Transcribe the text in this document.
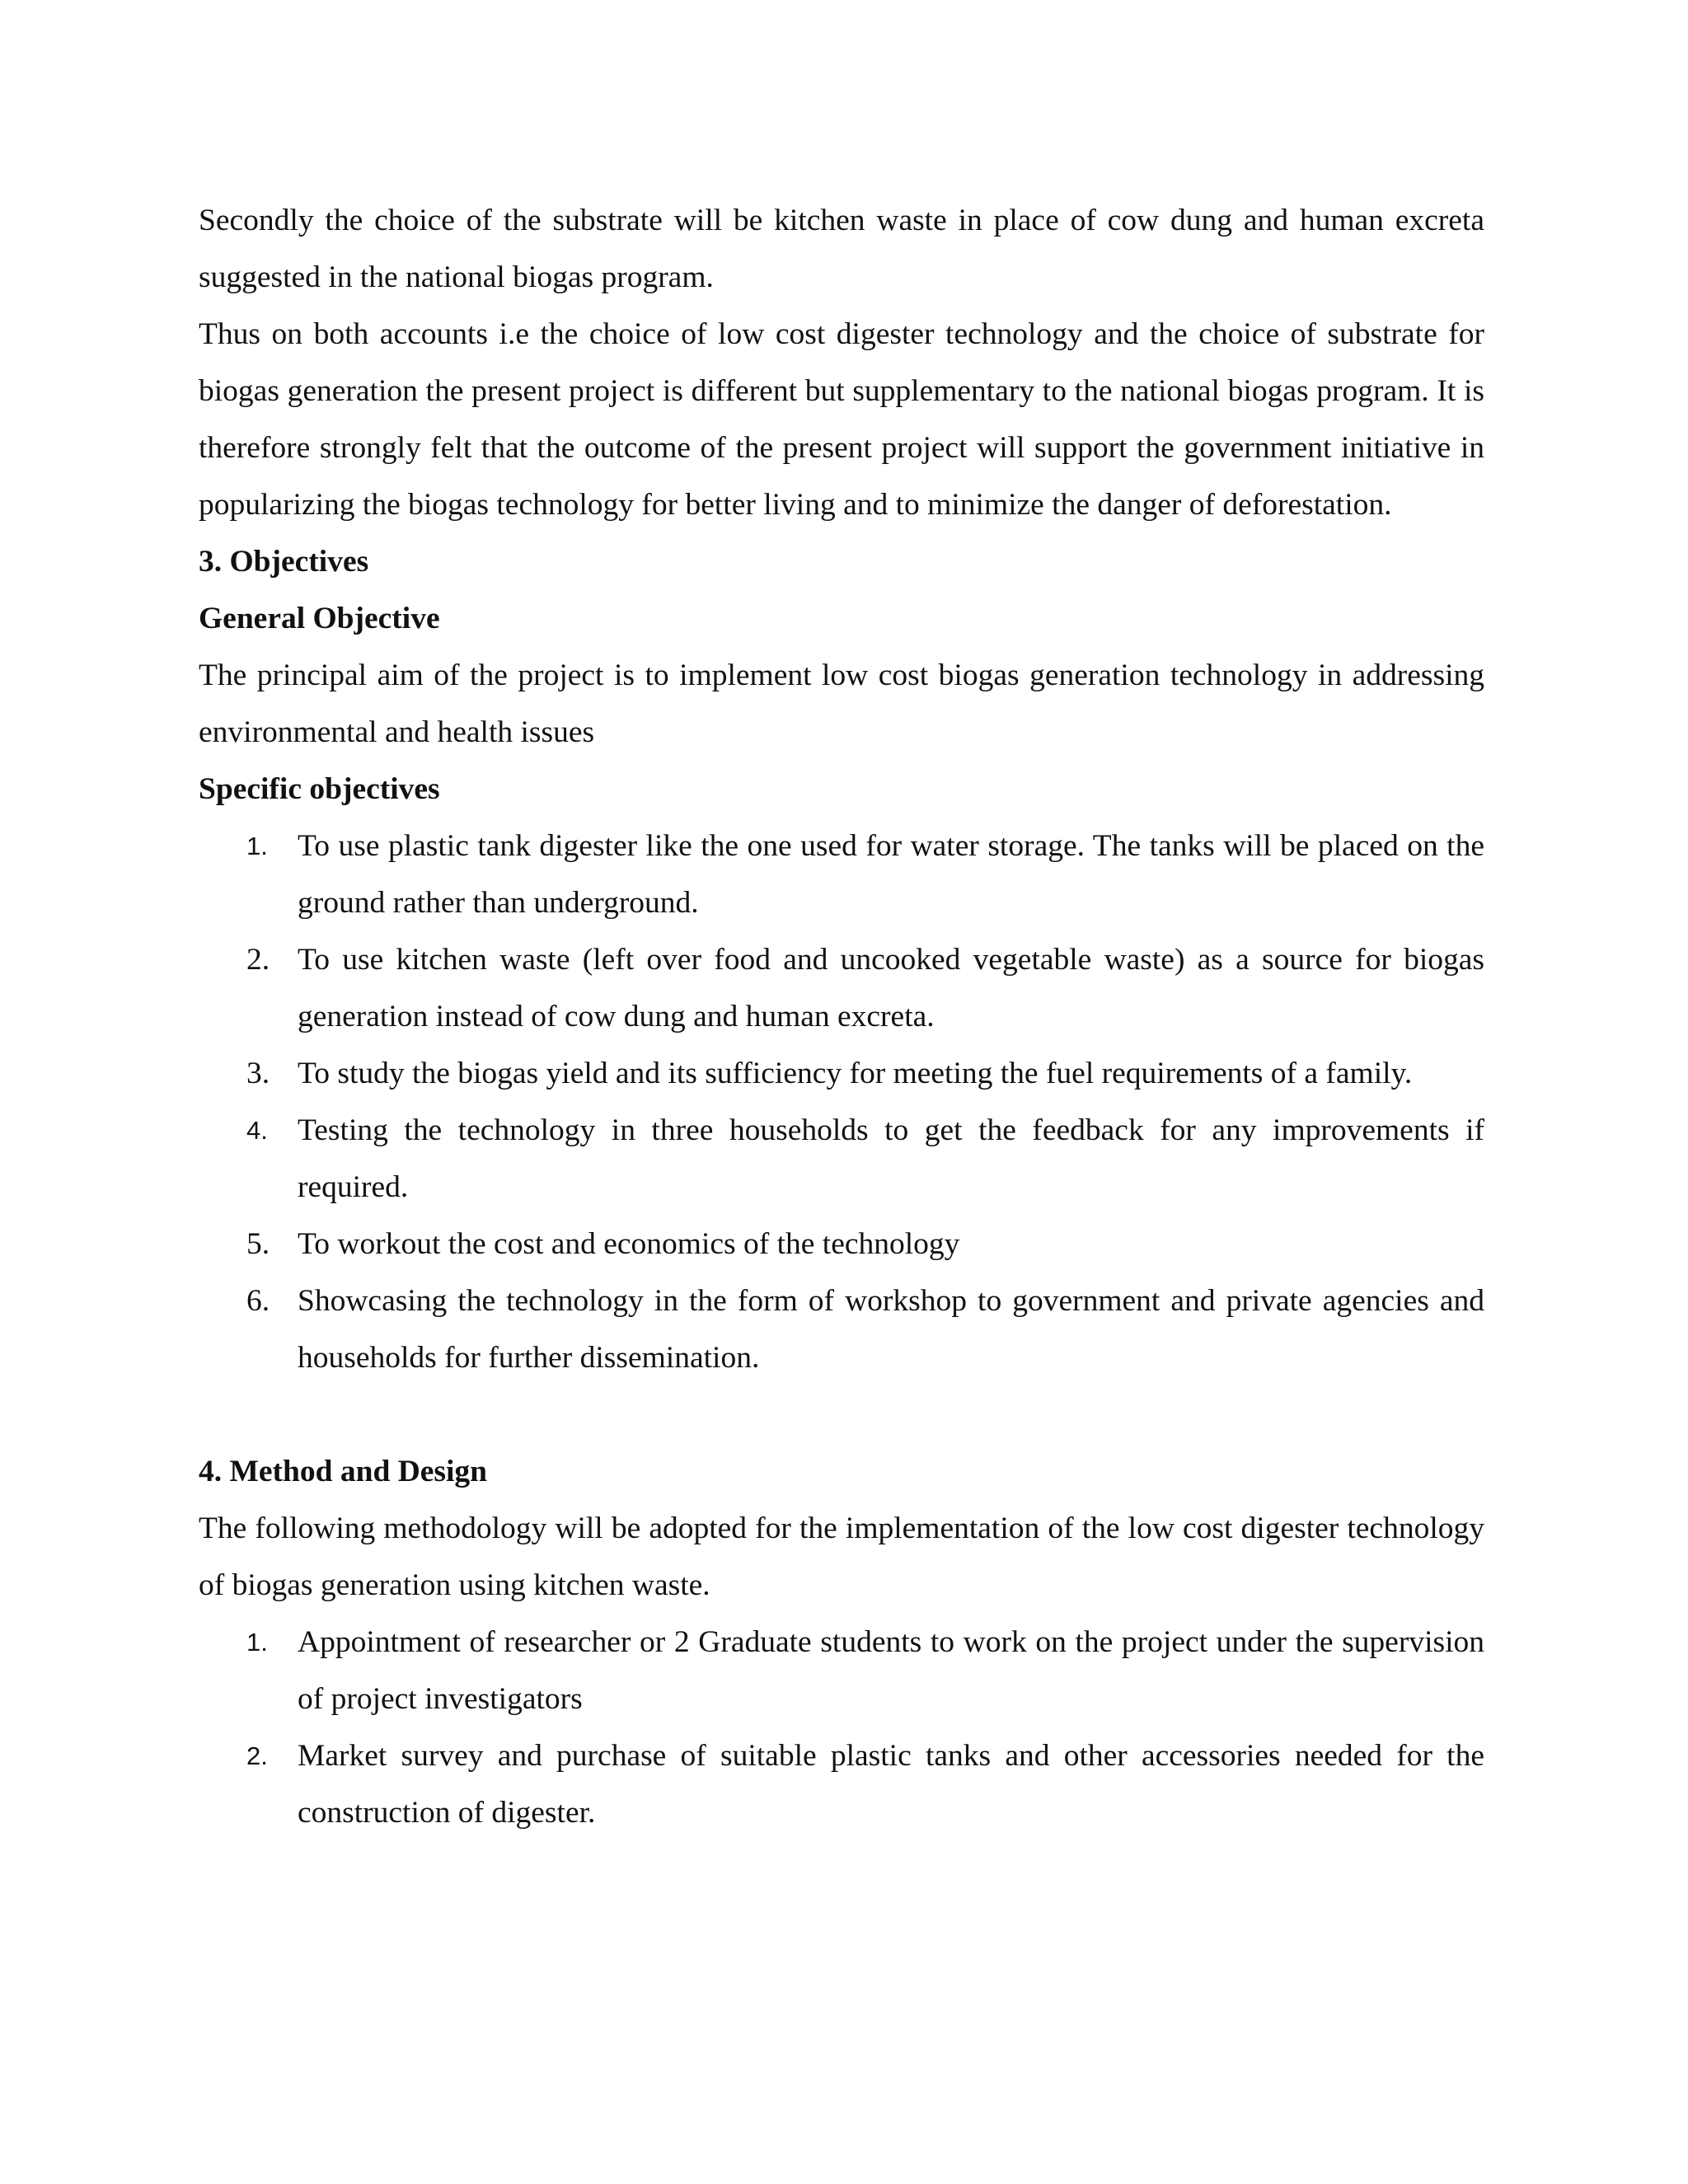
Secondly the choice of the substrate will be kitchen waste in place of cow dung and human excreta suggested in the national biogas program.

Thus on both accounts i.e the choice of low cost digester technology and the choice of substrate for biogas generation the present project is different but supplementary to the national biogas program. It is therefore strongly felt that the outcome of the present project will support the government initiative in popularizing the biogas technology for better living and to minimize the danger of deforestation.

3. Objectives

General Objective

The principal aim of the project is to implement low cost biogas generation technology in addressing environmental and health issues

Specific objectives

1. To use plastic tank digester like the one used for water storage. The tanks will be placed on the ground rather than underground.
2. To use kitchen waste (left over food and uncooked vegetable waste) as a source for biogas generation instead of cow dung and human excreta.
3. To study the biogas yield and its sufficiency for meeting the fuel requirements of a family.
4. Testing the technology in three households to get the feedback for any improvements if required.
5. To workout the cost and economics of the technology
6. Showcasing the technology in the form of workshop to government and private agencies and households for further dissemination.

4. Method and Design

The following methodology will be adopted for the implementation of the low cost digester technology of biogas generation using kitchen waste.

1. Appointment of researcher or 2 Graduate students to work on the project under the supervision of project investigators
2. Market survey and purchase of suitable plastic tanks and other accessories needed for the construction of digester.
